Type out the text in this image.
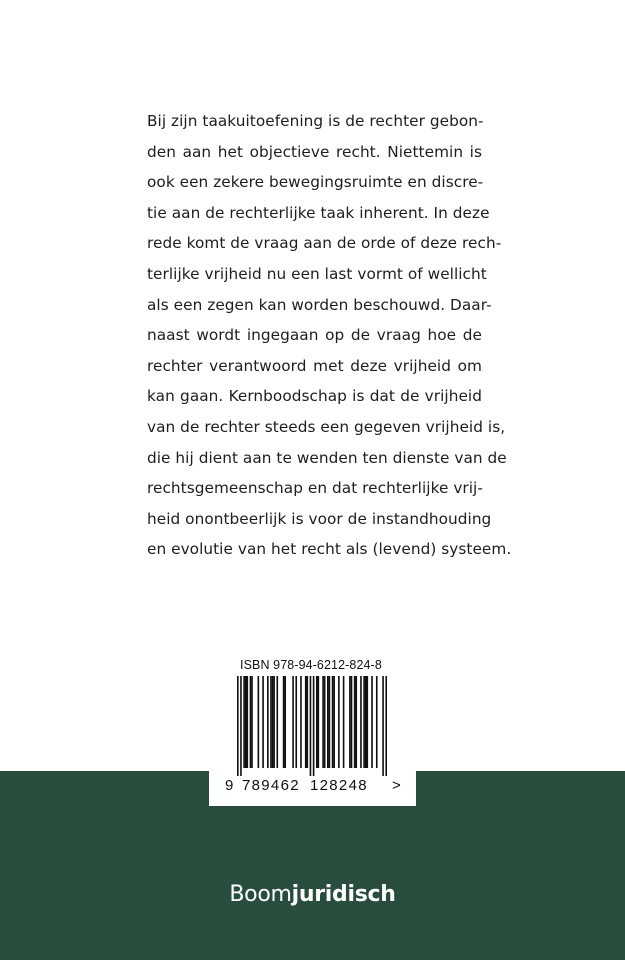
Bij zijn taakuitoefening is de rechter gebon-
den aan het objectieve recht. Niettemin is
ook een zekere bewegingsruimte en discre-
tie aan de rechterlijke taak inherent. In deze
rede komt de vraag aan de orde of deze rech-
terlijke vrijheid nu een last vormt of wellicht
als een zegen kan worden beschouwd. Daar-
naast wordt ingegaan op de vraag hoe de
rechter verantwoord met deze vrijheid om
kan gaan. Kernboodschap is dat de vrijheid
van de rechter steeds een gegeven vrijheid is,
die hij dient aan te wenden ten dienste van de
rechtsgemeenschap en dat rechterlijke vrij-
heid onontbeerlijk is voor de instandhouding
en evolutie van het recht als (levend) systeem.
ISBN 978-94-6212-824-8
9 789462 128248 >
Boomjuridisch
